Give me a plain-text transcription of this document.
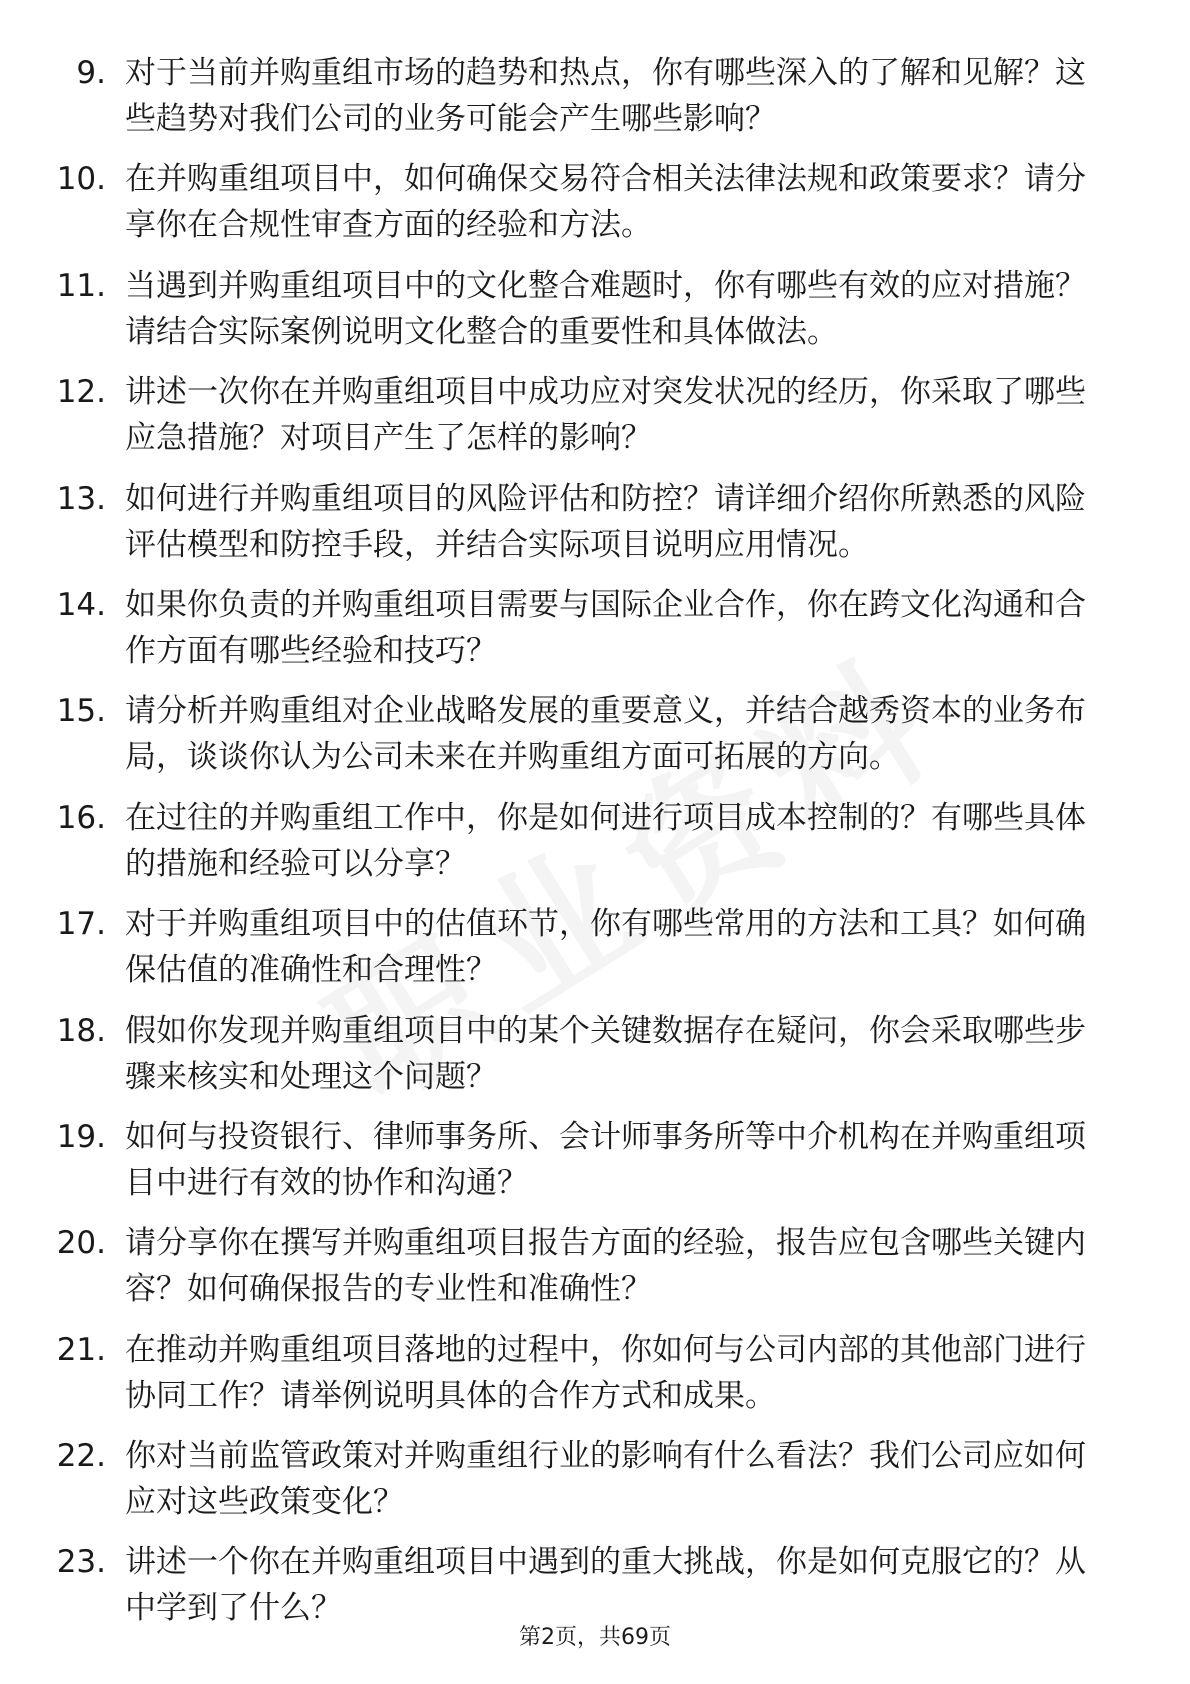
9. 对于当前并购重组市场的趋势和热点，你有哪些深入的了解和见解？这些趋势对我们公司的业务可能会产生哪些影响？
10. 在并购重组项目中，如何确保交易符合相关法律法规和政策要求？请分享你在合规性审查方面的经验和方法。
11. 当遇到并购重组项目中的文化整合难题时，你有哪些有效的应对措施？请结合实际案例说明文化整合的重要性和具体做法。
12. 讲述一次你在并购重组项目中成功应对突发状况的经历，你采取了哪些应急措施？对项目产生了怎样的影响？
13. 如何进行并购重组项目的风险评估和防控？请详细介绍你所熟悉的风险评估模型和防控手段，并结合实际项目说明应用情况。
14. 如果你负责的并购重组项目需要与国际企业合作，你在跨文化沟通和合作方面有哪些经验和技巧？
15. 请分析并购重组对企业战略发展的重要意义，并结合越秀资本的业务布局，谈谈你认为公司未来在并购重组方面可拓展的方向。
16. 在过往的并购重组工作中，你是如何进行项目成本控制的？有哪些具体的措施和经验可以分享？
17. 对于并购重组项目中的估值环节，你有哪些常用的方法和工具？如何确保估值的准确性和合理性？
18. 假如你发现并购重组项目中的某个关键数据存在疑问，你会采取哪些步骤来核实和处理这个问题？
19. 如何与投资银行、律师事务所、会计师事务所等中介机构在并购重组项目中进行有效的协作和沟通？
20. 请分享你在撰写并购重组项目报告方面的经验，报告应包含哪些关键内容？如何确保报告的专业性和准确性？
21. 在推动并购重组项目落地的过程中，你如何与公司内部的其他部门进行协同工作？请举例说明具体的合作方式和成果。
22. 你对当前监管政策对并购重组行业的影响有什么看法？我们公司应如何应对这些政策变化？
23. 讲述一个你在并购重组项目中遇到的重大挑战，你是如何克服它的？从中学到了什么？
第2页，共69页
